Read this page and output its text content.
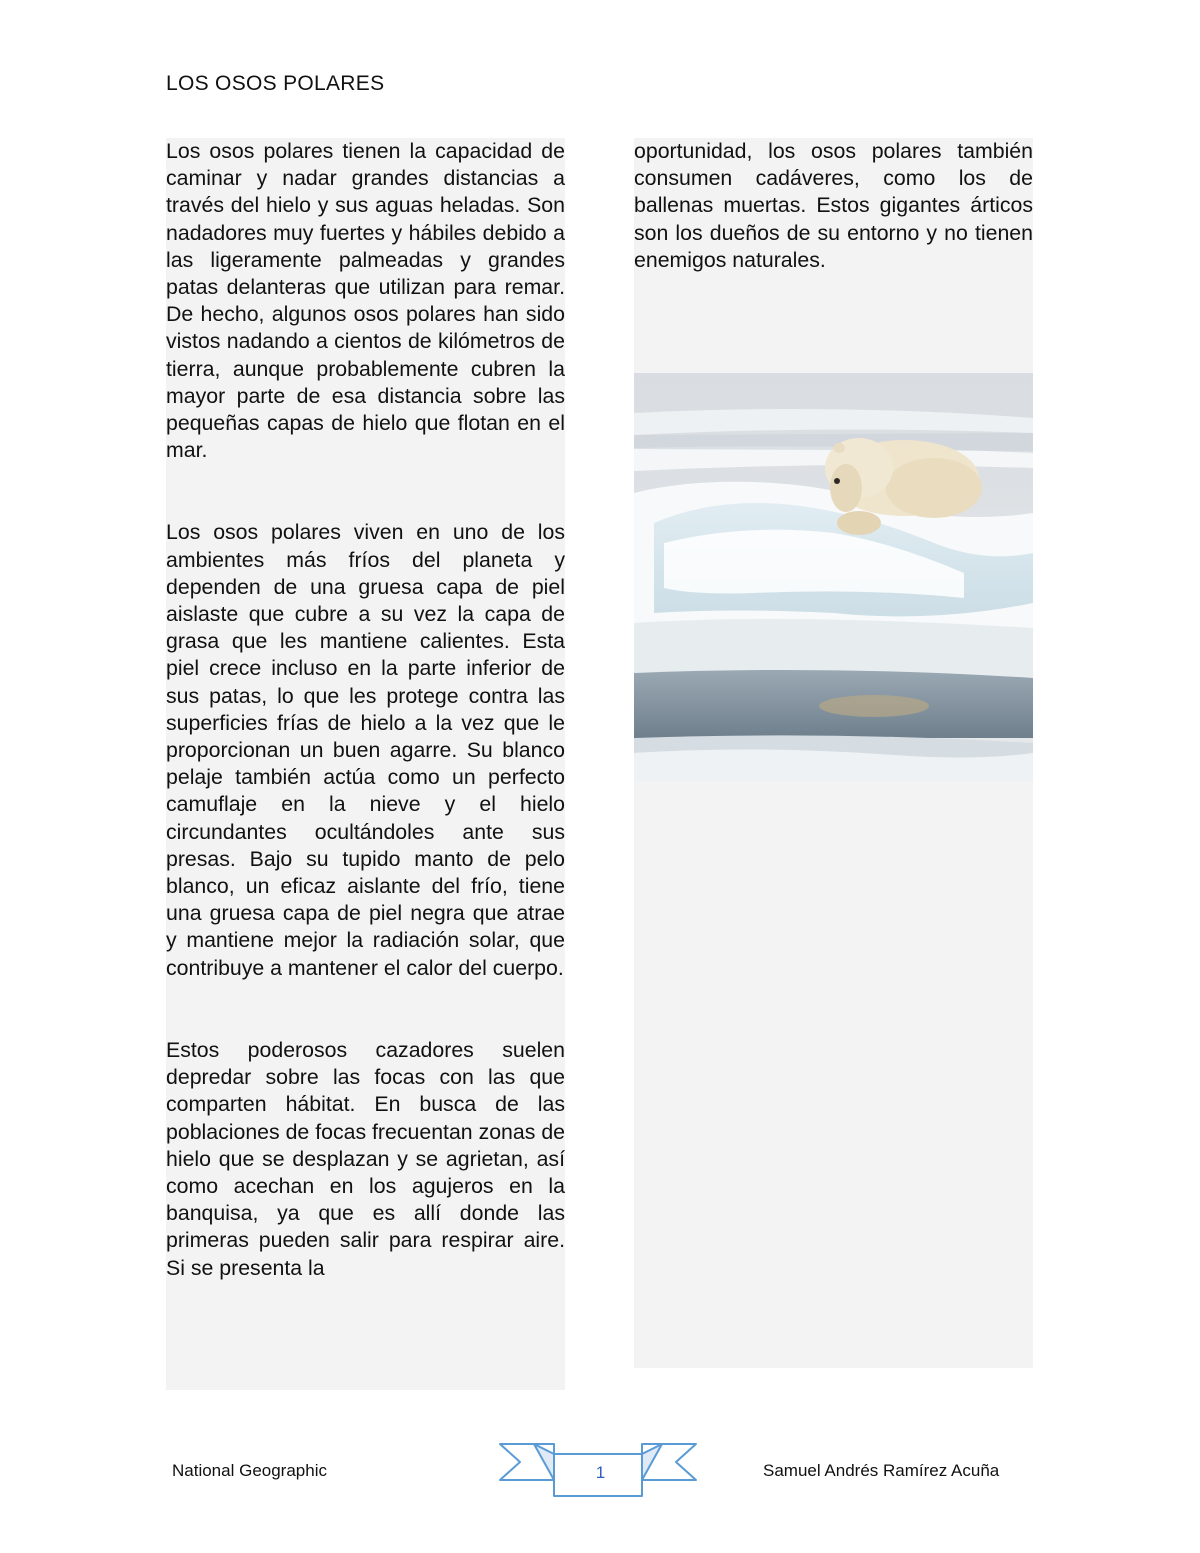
LOS OSOS POLARES

Los osos polares tienen la capacidad de caminar y nadar grandes distancias a través del hielo y sus aguas heladas. Son nadadores muy fuertes y hábiles debido a las ligeramente palmeadas y grandes patas delanteras que utilizan para remar. De hecho, algunos osos polares han sido vistos nadando a cientos de kilómetros de tierra, aunque probablemente cubren la mayor parte de esa distancia sobre las pequeñas capas de hielo que flotan en el mar.

Los osos polares viven en uno de los ambientes más fríos del planeta y dependen de una gruesa capa de piel aislaste que cubre a su vez la capa de grasa que les mantiene calientes. Esta piel crece incluso en la parte inferior de sus patas, lo que les protege contra las superficies frías de hielo a la vez que le proporcionan un buen agarre. Su blanco pelaje también actúa como un perfecto camuflaje en la nieve y el hielo circundantes ocultándoles ante sus presas. Bajo su tupido manto de pelo blanco, un eficaz aislante del frío, tiene una gruesa capa de piel negra que atrae y mantiene mejor la radiación solar, que contribuye a mantener el calor del cuerpo.

Estos poderosos cazadores suelen depredar sobre las focas con las que comparten hábitat. En busca de las poblaciones de focas frecuentan zonas de hielo que se desplazan y se agrietan, así como acechan en los agujeros en la banquisa, ya que es allí donde las primeras pueden salir para respirar aire. Si se presenta la

oportunidad, los osos polares también consumen cadáveres, como los de ballenas muertas. Estos gigantes árticos son los dueños de su entorno y no tienen enemigos naturales.

National Geographic	1	Samuel Andrés Ramírez Acuña
